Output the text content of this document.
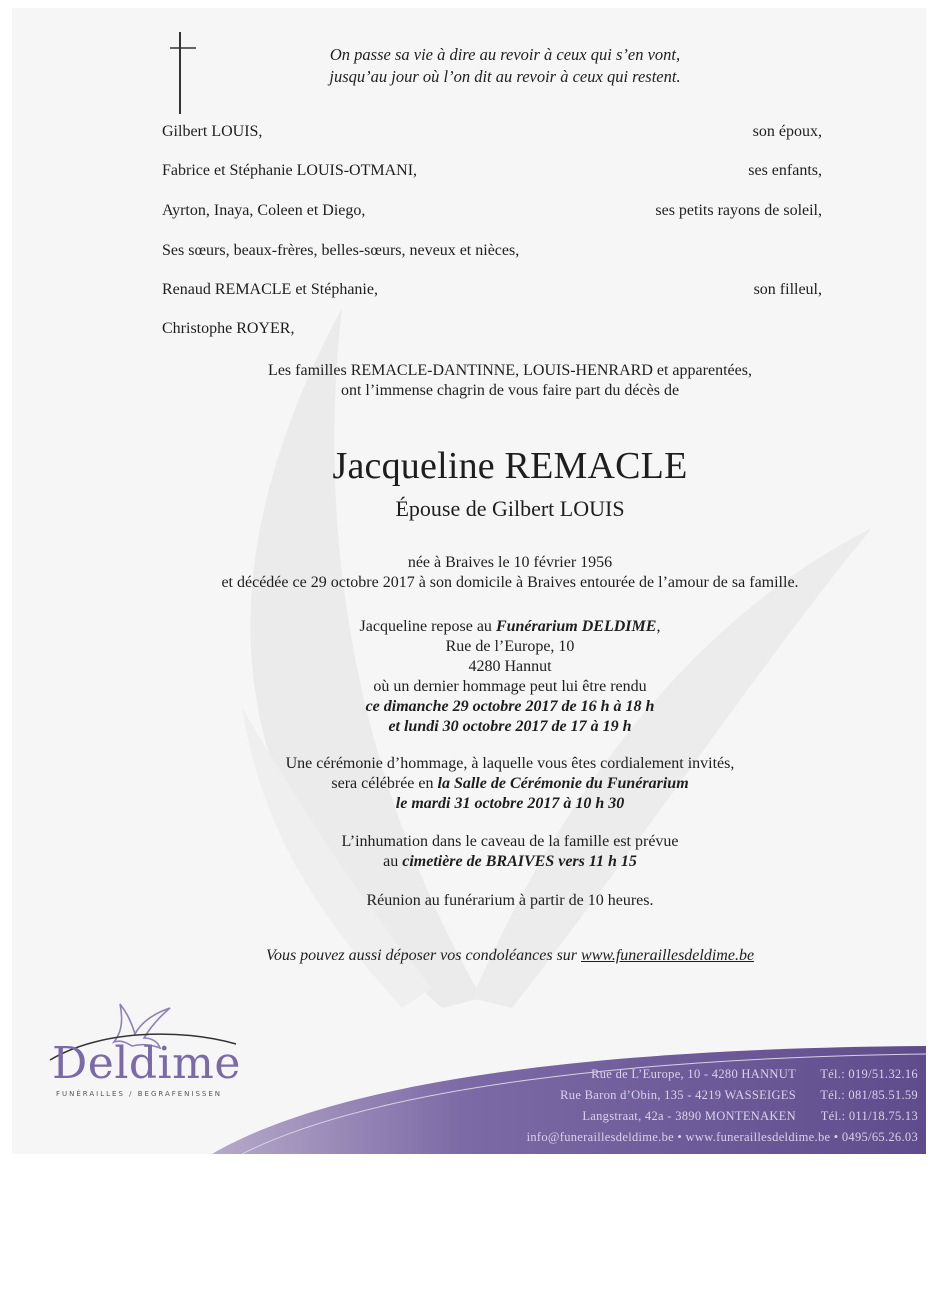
On passe sa vie à dire au revoir à ceux qui s’en vont,
jusqu’au jour où l’on dit au revoir à ceux qui restent.
Gilbert LOUIS,	son époux,
Fabrice et Stéphanie LOUIS-OTMANI,	ses enfants,
Ayrton, Inaya, Coleen et Diego,	ses petits rayons de soleil,
Ses sœurs, beaux-frères, belles-sœurs, neveux et nièces,
Renaud REMACLE et Stéphanie,	son filleul,
Christophe ROYER,
Les familles REMACLE-DANTINNE, LOUIS-HENRARD et apparentées,
ont l’immense chagrin de vous faire part du décès de
Jacqueline REMACLE
Épouse de Gilbert LOUIS
née à Braives le 10 février 1956
et décédée ce 29 octobre 2017 à son domicile à Braives entourée de l’amour de sa famille.
Jacqueline repose au Funérarium DELDIME,
Rue de l’Europe, 10
4280 Hannut
où un dernier hommage peut lui être rendu
ce dimanche 29 octobre 2017 de 16 h à 18 h
et lundi 30 octobre 2017 de 17 à 19 h
Une cérémonie d’hommage, à laquelle vous êtes cordialement invités,
sera célébrée en la Salle de Cérémonie du Funérarium
le mardi 31 octobre 2017 à 10 h 30
L’inhumation dans le caveau de la famille est prévue
au cimetière de BRAIVES vers 11 h 15
Réunion au funérarium à partir de 10 heures.
Vous pouvez aussi déposer vos condoléances sur www.funeraillesdeldime.be
Rue de L’Europe, 10 - 4280 HANNUT Tél.: 019/51.32.16
Rue Baron d’Obin, 135 - 4219 WASSEIGES Tél.: 081/85.51.59
Langstraat, 42a - 3890 MONTENAKEN Tél.: 011/18.75.13
info@funeraillesdeldime.be • www.funeraillesdeldime.be • 0495/65.26.03
Deldime
FUNÉRAILLES / BEGRAFENISSEN
